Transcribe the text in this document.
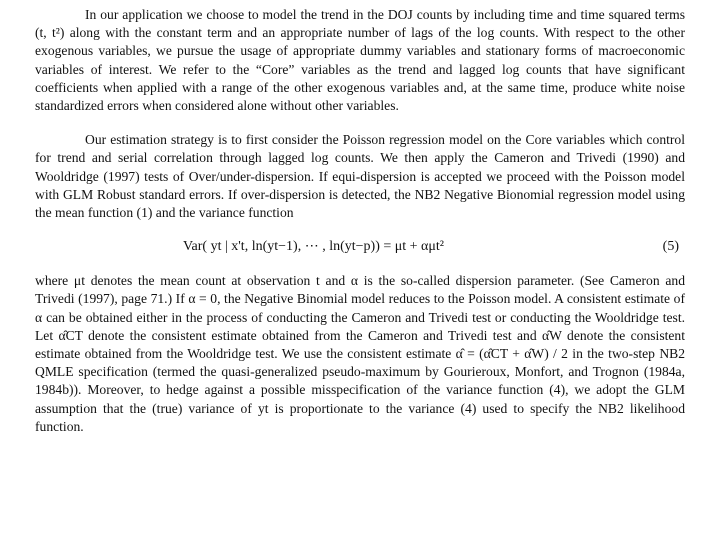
In our application we choose to model the trend in the DOJ counts by including time and time squared terms (t, t²) along with the constant term and an appropriate number of lags of the log counts. With respect to the other exogenous variables, we pursue the usage of appropriate dummy variables and stationary forms of macroeconomic variables of interest. We refer to the “Core” variables as the trend and lagged log counts that have significant coefficients when applied with a range of the other exogenous variables and, at the same time, produce white noise standardized errors when considered alone without other variables.

Our estimation strategy is to first consider the Poisson regression model on the Core variables which control for trend and serial correlation through lagged log counts. We then apply the Cameron and Trivedi (1990) and Wooldridge (1997) tests of Over/under-dispersion. If equi-dispersion is accepted we proceed with the Poisson model with GLM Robust standard errors. If over-dispersion is detected, the NB2 Negative Bionomial regression model using the mean function (1) and the variance function

Var( yt | x't, ln(yt−1), ⋯ , ln(yt−p)) = μt + αμt²	(5)

where μt denotes the mean count at observation t and α is the so-called dispersion parameter. (See Cameron and Trivedi (1997), page 71.) If α = 0, the Negative Binomial model reduces to the Poisson model. A consistent estimate of α can be obtained either in the process of conducting the Cameron and Trivedi test or conducting the Wooldridge test. Let α̂CT denote the consistent estimate obtained from the Cameron and Trivedi test and α̂W denote the consistent estimate obtained from the Wooldridge test. We use the consistent estimate α̂ = (α̂CT + α̂W) / 2 in the two-step NB2 QMLE specification (termed the quasi-generalized pseudo-maximum by Gourieroux, Monfort, and Trognon (1984a, 1984b)). Moreover, to hedge against a possible misspecification of the variance function (4), we adopt the GLM assumption that the (true) variance of yt is proportionate to the variance (4) used to specify the NB2 likelihood function.
